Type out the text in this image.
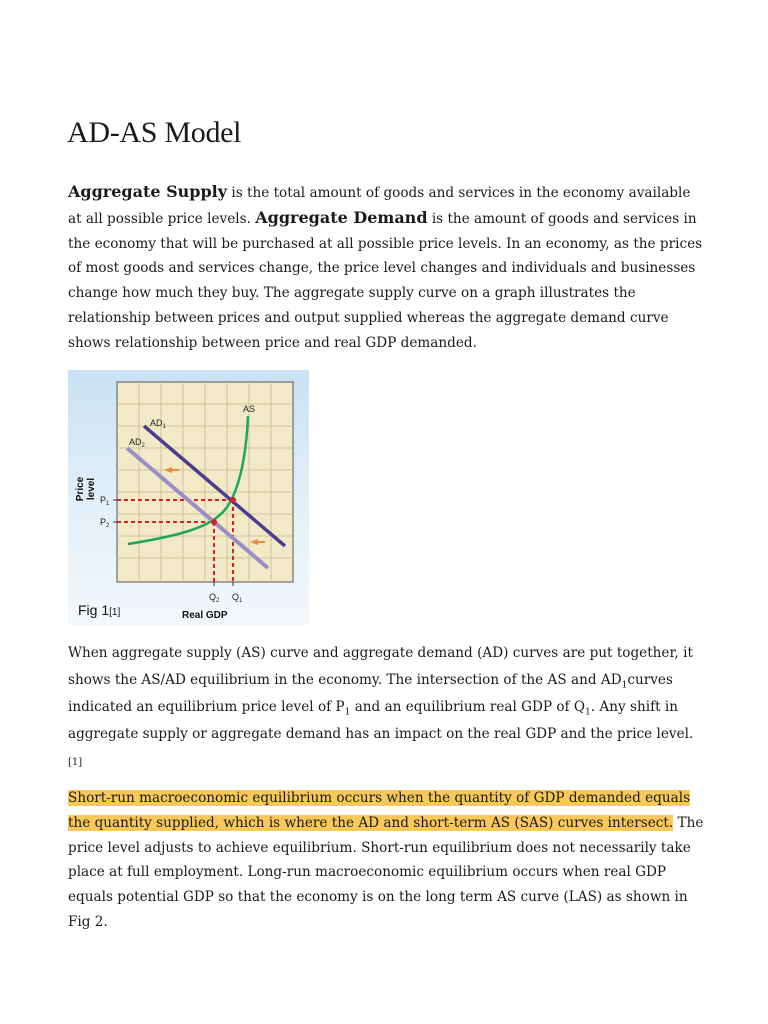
AD-AS Model

Aggregate Supply is the total amount of goods and services in the economy available at all possible price levels. Aggregate Demand is the amount of goods and services in the economy that will be purchased at all possible price levels. In an economy, as the prices of most goods and services change, the price level changes and individuals and businesses change how much they buy. The aggregate supply curve on a graph illustrates the relationship between prices and output supplied whereas the aggregate demand curve shows relationship between price and real GDP demanded.

$AD_1$
$AD_2$
AS
$P_1$
$P_2$
$Q_2$ $Q_1$
Price level
Fig 1[1]	Real GDP

When aggregate supply (AS) curve and aggregate demand (AD) curves are put together, it shows the AS/AD equilibrium in the economy. The intersection of the AS and $AD_1curves$ indicated an equilibrium price level of $P_1$ and an equilibrium real GDP of $Q_1$. Any shift in aggregate supply or aggregate demand has an impact on the real GDP and the price level.
[1]

Short-run macroeconomic equilibrium occurs when the quantity of GDP demanded equals the quantity supplied, which is where the AD and short-term AS (SAS) curves intersect. The price level adjusts to achieve equilibrium. Short-run equilibrium does not necessarily take place at full employment. Long-run macroeconomic equilibrium occurs when real GDP equals potential GDP so that the economy is on the long term AS curve (LAS) as shown in Fig 2.
